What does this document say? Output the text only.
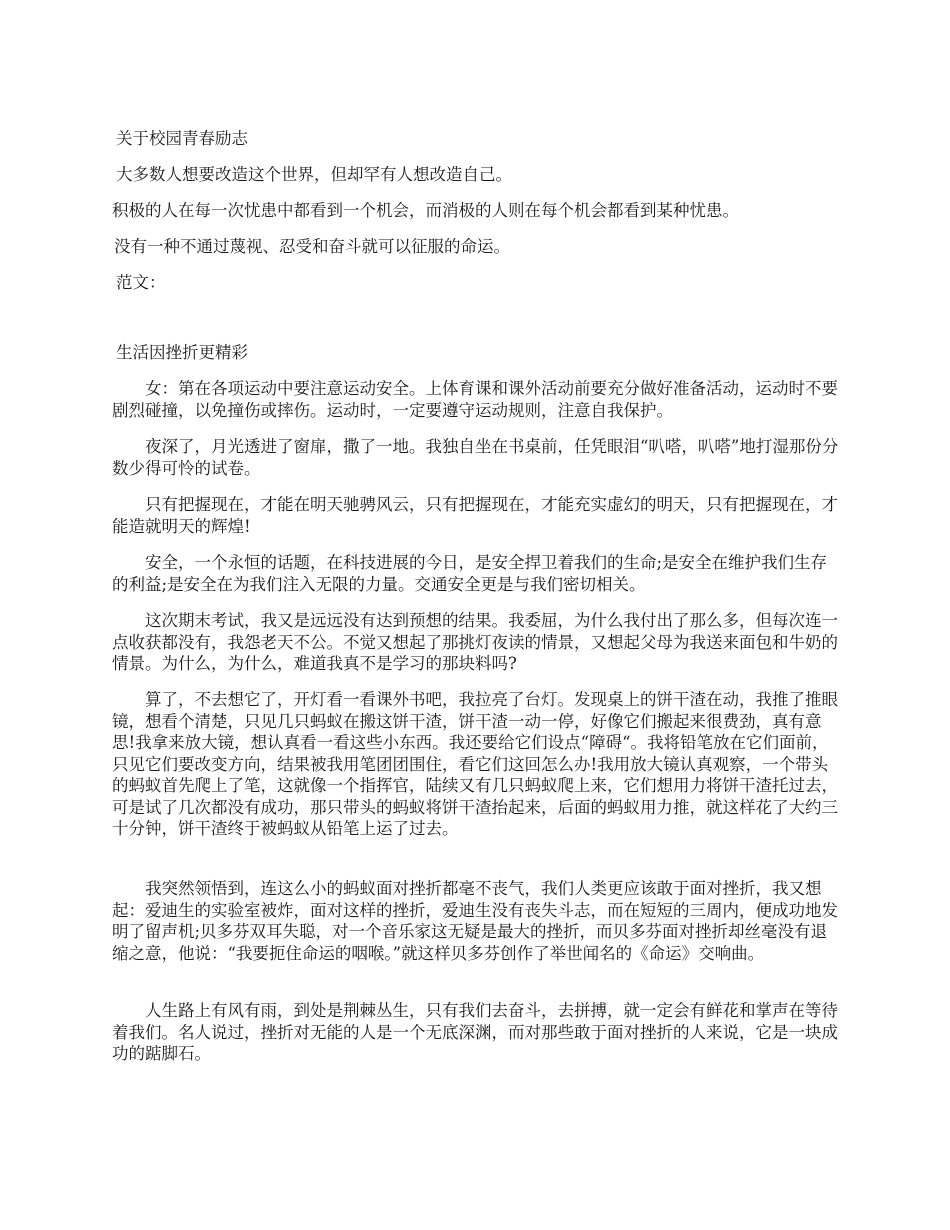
关于校园青春励志

大多数人想要改造这个世界，但却罕有人想改造自己。

积极的人在每一次忧患中都看到一个机会，而消极的人则在每个机会都看到某种忧患。

没有一种不通过蔑视、忍受和奋斗就可以征服的命运。

范文：

生活因挫折更精彩

女：第在各项运动中要注意运动安全。上体育课和课外活动前要充分做好准备活动，运动时不要剧烈碰撞，以免撞伤或摔伤。运动时，一定要遵守运动规则，注意自我保护。

夜深了，月光透进了窗扉，撒了一地。我独自坐在书桌前，任凭眼泪“叭嗒，叭嗒”地打湿那份分数少得可怜的试卷。

只有把握现在，才能在明天驰骋风云，只有把握现在，才能充实虚幻的明天，只有把握现在，才能造就明天的辉煌!

安全，一个永恒的话题，在科技进展的今日，是安全捍卫着我们的生命;是安全在维护我们生存的利益;是安全在为我们注入无限的力量。交通安全更是与我们密切相关。

这次期末考试，我又是远远没有达到预想的结果。我委屈，为什么我付出了那么多，但每次连一点收获都没有，我怨老天不公。不觉又想起了那挑灯夜读的情景，又想起父母为我送来面包和牛奶的情景。为什么，为什么，难道我真不是学习的那块料吗?

算了，不去想它了，开灯看一看课外书吧，我拉亮了台灯。发现桌上的饼干渣在动，我推了推眼镜，想看个清楚，只见几只蚂蚁在搬这饼干渣，饼干渣一动一停，好像它们搬起来很费劲，真有意思!我拿来放大镜，想认真看一看这些小东西。我还要给它们设点“障碍“。我将铅笔放在它们面前，只见它们要改变方向，结果被我用笔团团围住，看它们这回怎么办!我用放大镜认真观察，一个带头的蚂蚁首先爬上了笔，这就像一个指挥官，陆续又有几只蚂蚁爬上来，它们想用力将饼干渣托过去，可是试了几次都没有成功，那只带头的蚂蚁将饼干渣抬起来，后面的蚂蚁用力推，就这样花了大约三十分钟，饼干渣终于被蚂蚁从铅笔上运了过去。

我突然领悟到，连这么小的蚂蚁面对挫折都毫不丧气，我们人类更应该敢于面对挫折，我又想起：爱迪生的实验室被炸，面对这样的挫折，爱迪生没有丧失斗志，而在短短的三周内，便成功地发明了留声机;贝多芬双耳失聪，对一个音乐家这无疑是最大的挫折，而贝多芬面对挫折却丝毫没有退缩之意，他说：“我要扼住命运的咽喉。”就这样贝多芬创作了举世闻名的《命运》交响曲。

人生路上有风有雨，到处是荆棘丛生，只有我们去奋斗，去拼搏，就一定会有鲜花和掌声在等待着我们。名人说过，挫折对无能的人是一个无底深渊，而对那些敢于面对挫折的人来说，它是一块成功的踮脚石。
